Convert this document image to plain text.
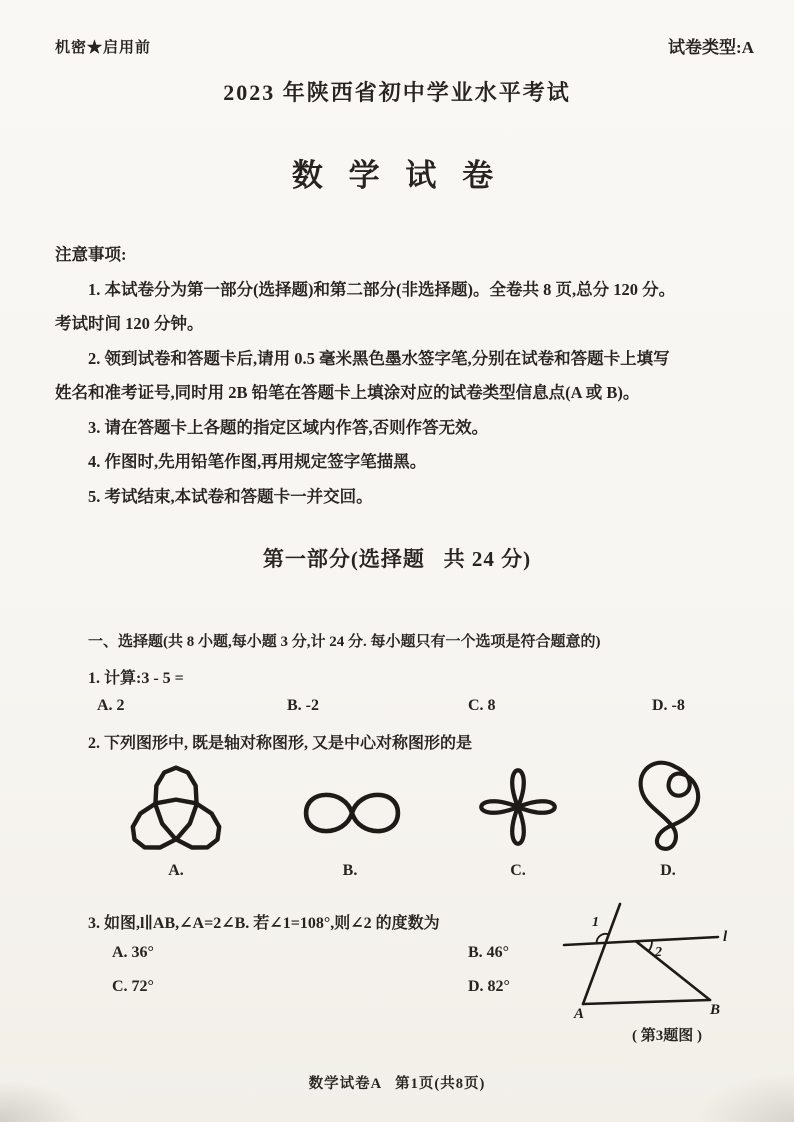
机密★启用前	试卷类型:A
2023 年陕西省初中学业水平考试
数 学 试 卷
注意事项:
1. 本试卷分为第一部分(选择题)和第二部分(非选择题)。全卷共 8 页,总分 120 分。
考试时间 120 分钟。
2. 领到试卷和答题卡后,请用 0.5 毫米黑色墨水签字笔,分别在试卷和答题卡上填写
姓名和准考证号,同时用 2B 铅笔在答题卡上填涂对应的试卷类型信息点(A 或 B)。
3. 请在答题卡上各题的指定区域内作答,否则作答无效。
4. 作图时,先用铅笔作图,再用规定签字笔描黑。
5. 考试结束,本试卷和答题卡一并交回。
第一部分(选择题   共 24 分)
一、选择题(共 8 小题,每小题 3 分,计 24 分. 每小题只有一个选项是符合题意的)
1. 计算:3 - 5 =
A. 2	B. -2	C. 8	D. -8
2. 下列图形中, 既是轴对称图形, 又是中心对称图形的是
A.	B.	C.	D.
3. 如图,l∥AB,∠A=2∠B. 若∠1=108°,则∠2 的度数为
A. 36°	B. 46°
C. 72°	D. 82°
1
2
l
A	B
( 第3题图 )
数学试卷A   第1页(共8页)
